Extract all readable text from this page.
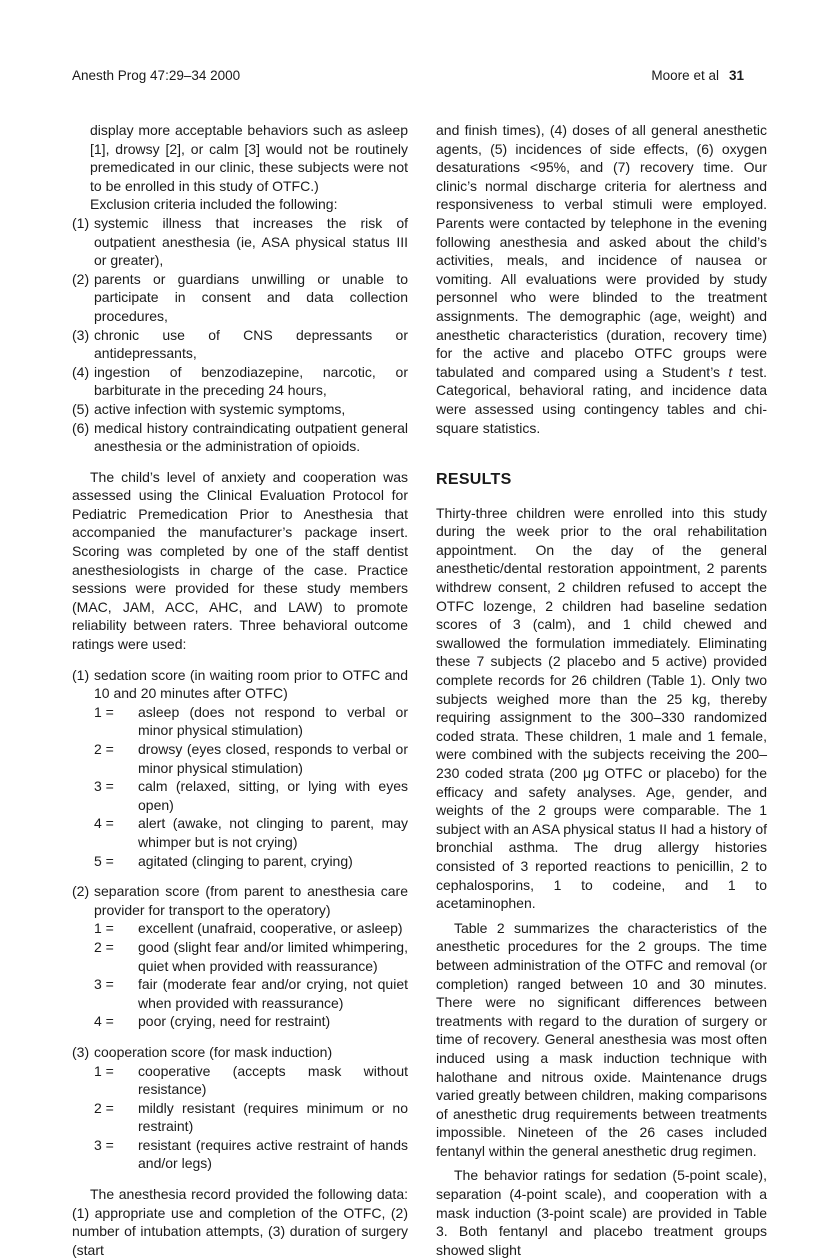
Anesth Prog 47:29–34 2000	Moore et al 31

display more acceptable behaviors such as asleep [1], drowsy [2], or calm [3] would not be routinely premedicated in our clinic, these subjects were not to be enrolled in this study of OTFC.)

Exclusion criteria included the following:

(1) systemic illness that increases the risk of outpatient anesthesia (ie, ASA physical status III or greater),
(2) parents or guardians unwilling or unable to participate in consent and data collection procedures,
(3) chronic use of CNS depressants or antidepressants,
(4) ingestion of benzodiazepine, narcotic, or barbiturate in the preceding 24 hours,
(5) active infection with systemic symptoms,
(6) medical history contraindicating outpatient general anesthesia or the administration of opioids.

The child’s level of anxiety and cooperation was assessed using the Clinical Evaluation Protocol for Pediatric Premedication Prior to Anesthesia that accompanied the manufacturer’s package insert. Scoring was completed by one of the staff dentist anesthesiologists in charge of the case. Practice sessions were provided for these study members (MAC, JAM, ACC, AHC, and LAW) to promote reliability between raters. Three behavioral outcome ratings were used:

(1) sedation score (in waiting room prior to OTFC and 10 and 20 minutes after OTFC)
1 =	asleep (does not respond to verbal or minor physical stimulation)
2 =	drowsy (eyes closed, responds to verbal or minor physical stimulation)
3 =	calm (relaxed, sitting, or lying with eyes open)
4 =	alert (awake, not clinging to parent, may whimper but is not crying)
5 =	agitated (clinging to parent, crying)
(2) separation score (from parent to anesthesia care provider for transport to the operatory)
1 =	excellent (unafraid, cooperative, or asleep)
2 =	good (slight fear and/or limited whimpering, quiet when provided with reassurance)
3 =	fair (moderate fear and/or crying, not quiet when provided with reassurance)
4 =	poor (crying, need for restraint)
(3) cooperation score (for mask induction)
1 =	cooperative (accepts mask without resistance)
2 =	mildly resistant (requires minimum or no restraint)
3 =	resistant (requires active restraint of hands and/or legs)

The anesthesia record provided the following data: (1) appropriate use and completion of the OTFC, (2) number of intubation attempts, (3) duration of surgery (start

and finish times), (4) doses of all general anesthetic agents, (5) incidences of side effects, (6) oxygen desaturations <95%, and (7) recovery time. Our clinic’s normal discharge criteria for alertness and responsiveness to verbal stimuli were employed. Parents were contacted by telephone in the evening following anesthesia and asked about the child’s activities, meals, and incidence of nausea or vomiting. All evaluations were provided by study personnel who were blinded to the treatment assignments. The demographic (age, weight) and anesthetic characteristics (duration, recovery time) for the active and placebo OTFC groups were tabulated and compared using a Student’s t test. Categorical, behavioral rating, and incidence data were assessed using contingency tables and chi-square statistics.

RESULTS

Thirty-three children were enrolled into this study during the week prior to the oral rehabilitation appointment. On the day of the general anesthetic/dental restoration appointment, 2 parents withdrew consent, 2 children refused to accept the OTFC lozenge, 2 children had baseline sedation scores of 3 (calm), and 1 child chewed and swallowed the formulation immediately. Eliminating these 7 subjects (2 placebo and 5 active) provided complete records for 26 children (Table 1). Only two subjects weighed more than the 25 kg, thereby requiring assignment to the 300–330 randomized coded strata. These children, 1 male and 1 female, were combined with the subjects receiving the 200–230 coded strata (200 μg OTFC or placebo) for the efficacy and safety analyses. Age, gender, and weights of the 2 groups were comparable. The 1 subject with an ASA physical status II had a history of bronchial asthma. The drug allergy histories consisted of 3 reported reactions to penicillin, 2 to cephalosporins, 1 to codeine, and 1 to acetaminophen.

Table 2 summarizes the characteristics of the anesthetic procedures for the 2 groups. The time between administration of the OTFC and removal (or completion) ranged between 10 and 30 minutes. There were no significant differences between treatments with regard to the duration of surgery or time of recovery. General anesthesia was most often induced using a mask induction technique with halothane and nitrous oxide. Maintenance drugs varied greatly between children, making comparisons of anesthetic drug requirements between treatments impossible. Nineteen of the 26 cases included fentanyl within the general anesthetic drug regimen.

The behavior ratings for sedation (5-point scale), separation (4-point scale), and cooperation with a mask induction (3-point scale) are provided in Table 3. Both fentanyl and placebo treatment groups showed slight
